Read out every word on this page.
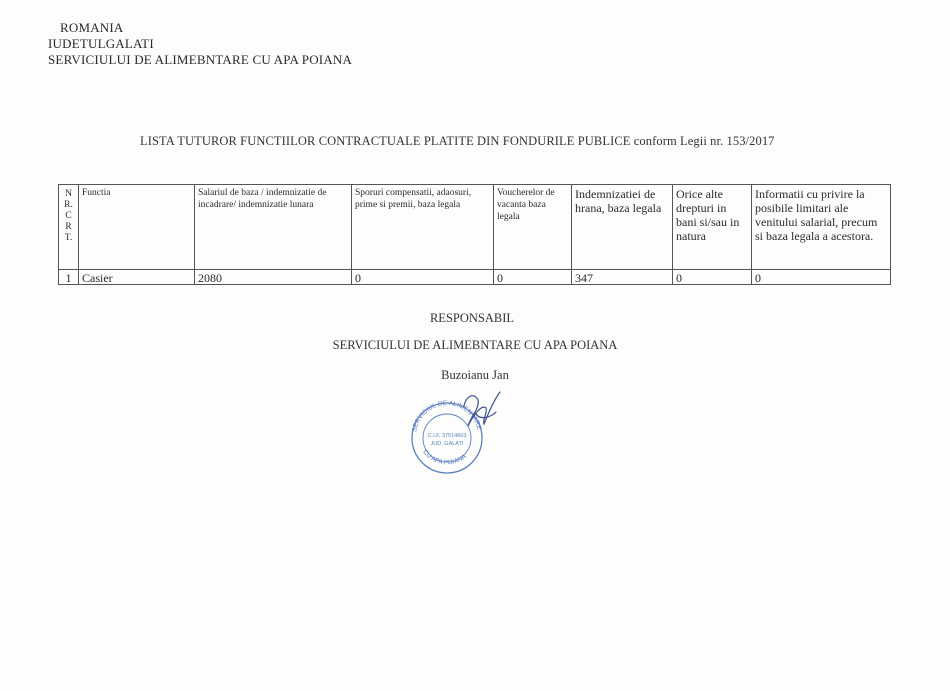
ROMANIA
IUDETULGALATI
SERVICIULUI DE ALIMEBNTARE CU APA POIANA
LISTA TUTUROR FUNCTIILOR CONTRACTUALE PLATITE DIN FONDURILE PUBLICE conform Legii nr. 153/2017
N
R.
C
R
T.	Functia	Salariul de baza / indemnizatie de incadrare/ indemnizatie lunara	Sporuri compensatii, adaosuri, prime si premii, baza legala	Voucherelor de vacanta baza legala	Indemnizatiei de hrana, baza legala	Orice alte drepturi in bani si/sau in natura	Informatii cu privire la posibile limitari ale venitului salarial, precum si baza legala a acestora.
1	Casier	2080	0	0	347	0	0
RESPONSABIL
SERVICIULUI DE ALIMEBNTARE CU APA POIANA
Buzoianu Jan
SERVICIUL DE ALIMENTARE
CU APA POIANA
C.I.F. 37514603
JUD. GALATI
